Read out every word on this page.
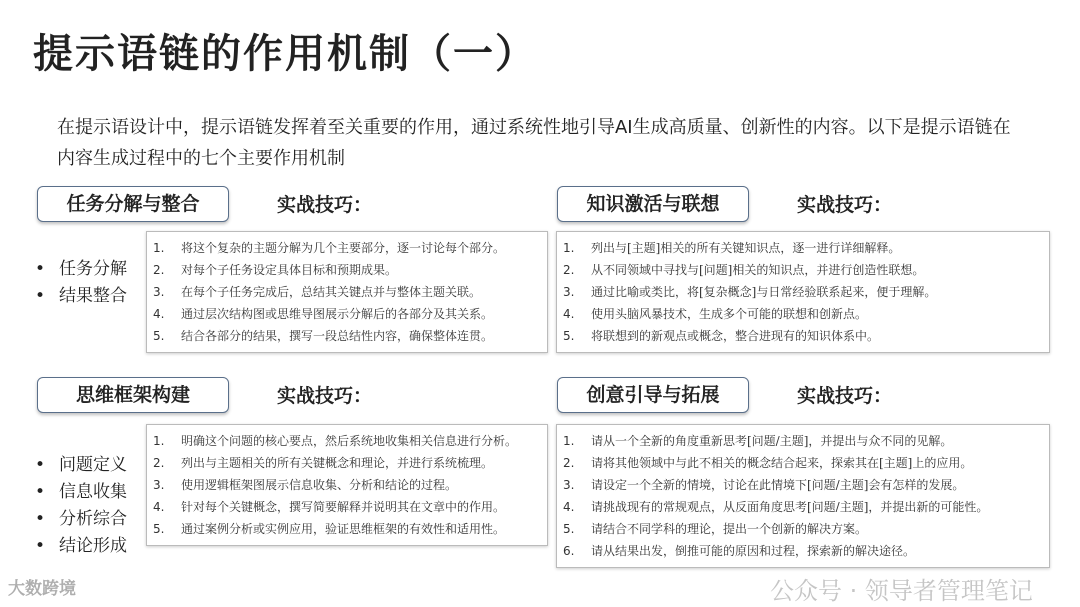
提示语链的作用机制（一）
在提示语设计中，提示语链发挥着至关重要的作用，通过系统性地引导AI生成高质量、创新性的内容。以下是提示语链在内容生成过程中的七个主要作用机制
任务分解与整合	实战技巧：
1.	将这个复杂的主题分解为几个主要部分，逐一讨论每个部分。
2.	对每个子任务设定具体目标和预期成果。
3.	在每个子任务完成后，总结其关键点并与整体主题关联。
4.	通过层次结构图或思维导图展示分解后的各部分及其关系。
5.	结合各部分的结果，撰写一段总结性内容，确保整体连贯。
• 任务分解
• 结果整合
知识激活与联想	实战技巧：
1.	列出与[主题]相关的所有关键知识点，逐一进行详细解释。
2.	从不同领域中寻找与[问题]相关的知识点，并进行创造性联想。
3.	通过比喻或类比，将[复杂概念]与日常经验联系起来，便于理解。
4.	使用头脑风暴技术，生成多个可能的联想和创新点。
5.	将联想到的新观点或概念，整合进现有的知识体系中。
思维框架构建	实战技巧：
1.	明确这个问题的核心要点，然后系统地收集相关信息进行分析。
2.	列出与主题相关的所有关键概念和理论，并进行系统梳理。
3.	使用逻辑框架图展示信息收集、分析和结论的过程。
4.	针对每个关键概念，撰写简要解释并说明其在文章中的作用。
5.	通过案例分析或实例应用，验证思维框架的有效性和适用性。
• 问题定义
• 信息收集
• 分析综合
• 结论形成
创意引导与拓展	实战技巧：
1.	请从一个全新的角度重新思考[问题/主题]，并提出与众不同的见解。
2.	请将其他领域中与此不相关的概念结合起来，探索其在[主题]上的应用。
3.	请设定一个全新的情境，讨论在此情境下[问题/主题]会有怎样的发展。
4.	请挑战现有的常规观点，从反面角度思考[问题/主题]，并提出新的可能性。
5.	请结合不同学科的理论，提出一个创新的解决方案。
6.	请从结果出发，倒推可能的原因和过程，探索新的解决途径。
公众号 · 领导者管理笔记
大数跨境
